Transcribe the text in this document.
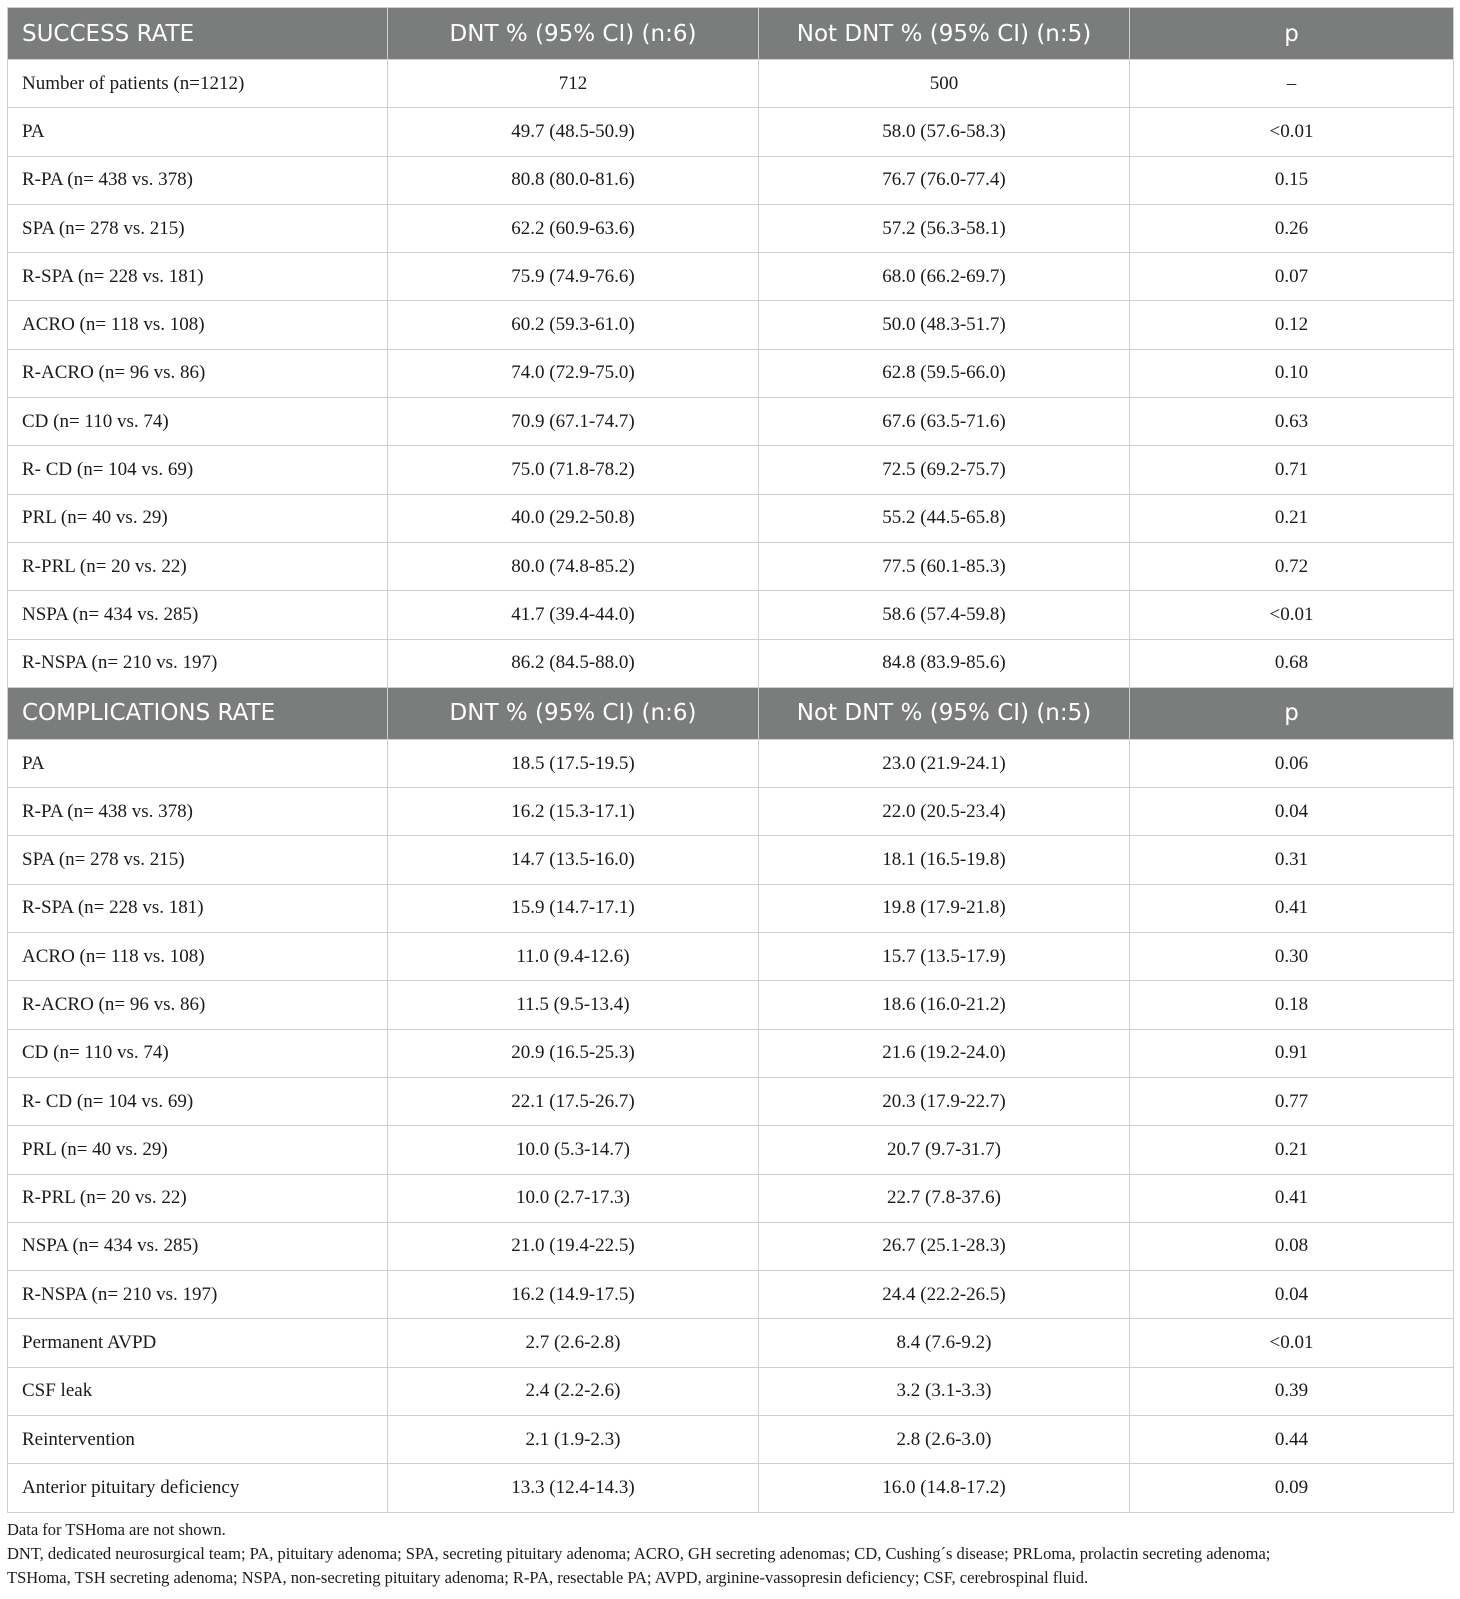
SUCCESS RATE	DNT % (95% CI) (n:6)	Not DNT % (95% CI) (n:5)	p
Number of patients (n=1212)	712	500	–
PA	49.7 (48.5-50.9)	58.0 (57.6-58.3)	<0.01
R-PA (n= 438 vs. 378)	80.8 (80.0-81.6)	76.7 (76.0-77.4)	0.15
SPA (n= 278 vs. 215)	62.2 (60.9-63.6)	57.2 (56.3-58.1)	0.26
R-SPA (n= 228 vs. 181)	75.9 (74.9-76.6)	68.0 (66.2-69.7)	0.07
ACRO (n= 118 vs. 108)	60.2 (59.3-61.0)	50.0 (48.3-51.7)	0.12
R-ACRO (n= 96 vs. 86)	74.0 (72.9-75.0)	62.8 (59.5-66.0)	0.10
CD (n= 110 vs. 74)	70.9 (67.1-74.7)	67.6 (63.5-71.6)	0.63
R- CD (n= 104 vs. 69)	75.0 (71.8-78.2)	72.5 (69.2-75.7)	0.71
PRL (n= 40 vs. 29)	40.0 (29.2-50.8)	55.2 (44.5-65.8)	0.21
R-PRL (n= 20 vs. 22)	80.0 (74.8-85.2)	77.5 (60.1-85.3)	0.72
NSPA (n= 434 vs. 285)	41.7 (39.4-44.0)	58.6 (57.4-59.8)	<0.01
R-NSPA (n= 210 vs. 197)	86.2 (84.5-88.0)	84.8 (83.9-85.6)	0.68
COMPLICATIONS RATE	DNT % (95% CI) (n:6)	Not DNT % (95% CI) (n:5)	p
PA	18.5 (17.5-19.5)	23.0 (21.9-24.1)	0.06
R-PA (n= 438 vs. 378)	16.2 (15.3-17.1)	22.0 (20.5-23.4)	0.04
SPA (n= 278 vs. 215)	14.7 (13.5-16.0)	18.1 (16.5-19.8)	0.31
R-SPA (n= 228 vs. 181)	15.9 (14.7-17.1)	19.8 (17.9-21.8)	0.41
ACRO (n= 118 vs. 108)	11.0 (9.4-12.6)	15.7 (13.5-17.9)	0.30
R-ACRO (n= 96 vs. 86)	11.5 (9.5-13.4)	18.6 (16.0-21.2)	0.18
CD (n= 110 vs. 74)	20.9 (16.5-25.3)	21.6 (19.2-24.0)	0.91
R- CD (n= 104 vs. 69)	22.1 (17.5-26.7)	20.3 (17.9-22.7)	0.77
PRL (n= 40 vs. 29)	10.0 (5.3-14.7)	20.7 (9.7-31.7)	0.21
R-PRL (n= 20 vs. 22)	10.0 (2.7-17.3)	22.7 (7.8-37.6)	0.41
NSPA (n= 434 vs. 285)	21.0 (19.4-22.5)	26.7 (25.1-28.3)	0.08
R-NSPA (n= 210 vs. 197)	16.2 (14.9-17.5)	24.4 (22.2-26.5)	0.04
Permanent AVPD	2.7 (2.6-2.8)	8.4 (7.6-9.2)	<0.01
CSF leak	2.4 (2.2-2.6)	3.2 (3.1-3.3)	0.39
Reintervention	2.1 (1.9-2.3)	2.8 (2.6-3.0)	0.44
Anterior pituitary deficiency	13.3 (12.4-14.3)	16.0 (14.8-17.2)	0.09
Data for TSHoma are not shown.
DNT, dedicated neurosurgical team; PA, pituitary adenoma; SPA, secreting pituitary adenoma; ACRO, GH secreting adenomas; CD, Cushing´s disease; PRLoma, prolactin secreting adenoma;
TSHoma, TSH secreting adenoma; NSPA, non-secreting pituitary adenoma; R-PA, resectable PA; AVPD, arginine-vassopresin deficiency; CSF, cerebrospinal fluid.
